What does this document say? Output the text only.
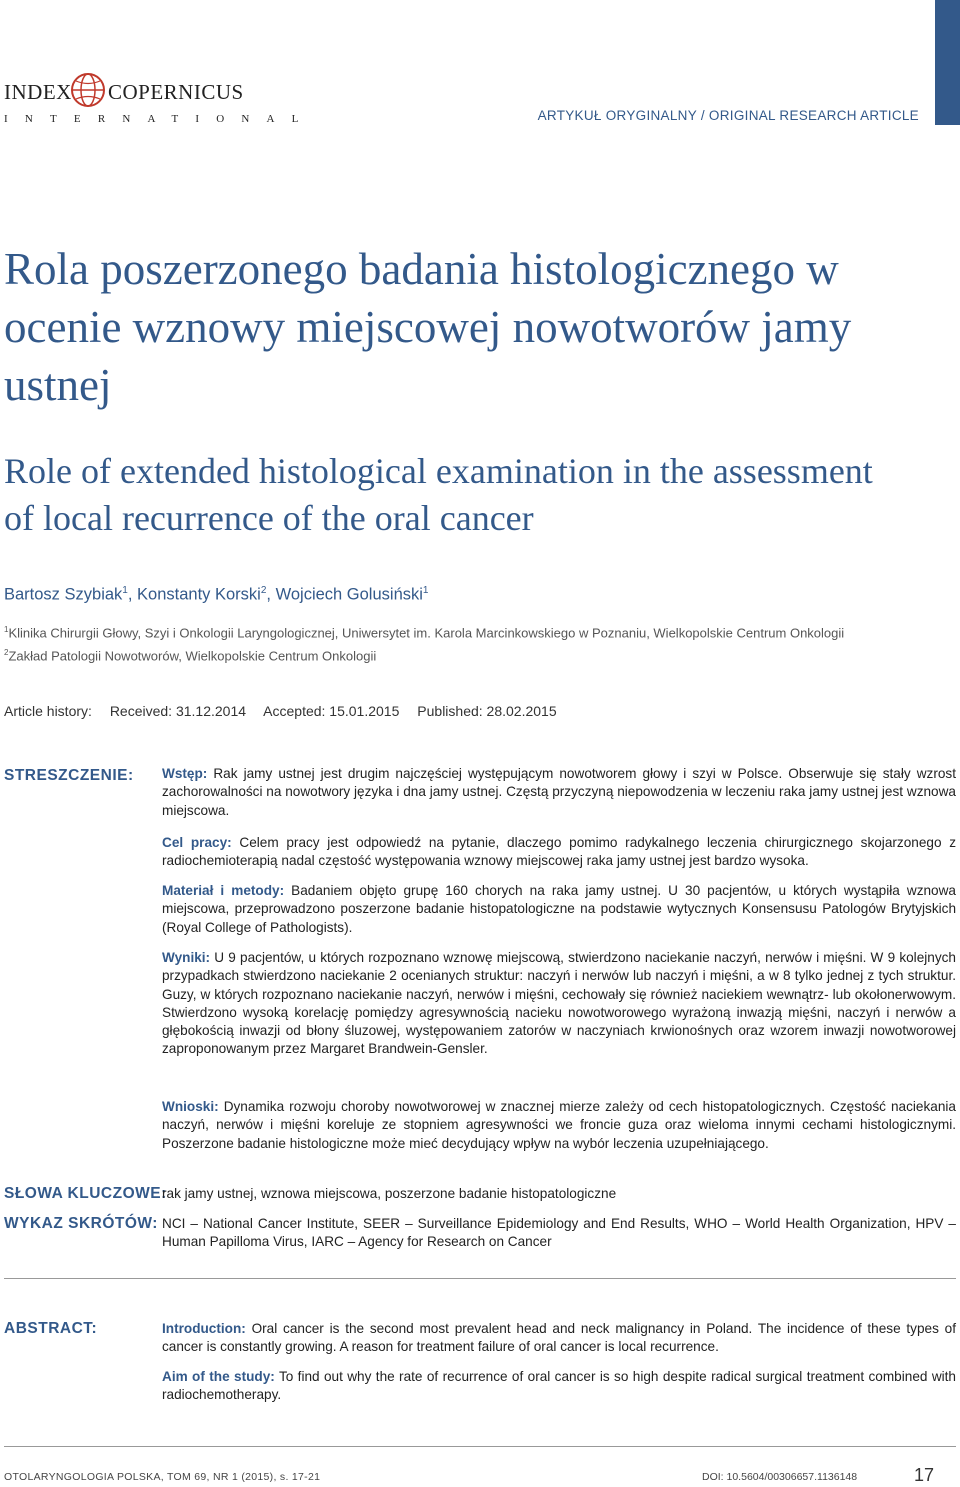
INDEX COPERNICUS
INTERNATIONAL	ARTYKUŁ ORYGINALNY / ORIGINAL RESEARCH ARTICLE
Rola poszerzonego badania histologicznego w ocenie wznowy miejscowej nowotworów jamy ustnej
Role of extended histological examination in the assessment of local recurrence of the oral cancer
Bartosz Szybiak$^1$, Konstanty Korski$^2$, Wojciech Golusiński$^1$
$^1$Klinika Chirurgii Głowy, Szyi i Onkologii Laryngologicznej, Uniwersytet im. Karola Marcinkowskiego w Poznaniu, Wielkopolskie Centrum Onkologii
$^2$Zakład Patologii Nowotworów, Wielkopolskie Centrum Onkologii
Article history: Received: 31.12.2014 Accepted: 15.01.2015 Published: 28.02.2015
STRESZCZENIE: Wstęp: Rak jamy ustnej jest drugim najczęściej występującym nowotworem głowy i szyi w Polsce. Obserwuje się stały wzrost zachorowalności na nowotwory języka i dna jamy ustnej. Częstą przyczyną niepowodzenia w leczeniu raka jamy ustnej jest wznowa miejscowa.

Cel pracy: Celem pracy jest odpowiedź na pytanie, dlaczego pomimo radykalnego leczenia chirurgicznego skojarzonego z radiochemioterapią nadal częstość występowania wznowy miejscowej raka jamy ustnej jest bardzo wysoka.

Materiał i metody: Badaniem objęto grupę 160 chorych na raka jamy ustnej. U 30 pacjentów, u których wystąpiła wznowa miejscowa, przeprowadzono poszerzone badanie histopatologiczne na podstawie wytycznych Konsensusu Patologów Brytyjskich (Royal College of Pathologists).

Wyniki: U 9 pacjentów, u których rozpoznano wznowę miejscową, stwierdzono naciekanie naczyń, nerwów i mięśni. W 9 kolejnych przypadkach stwierdzono naciekanie 2 ocenianych struktur: naczyń i nerwów lub naczyń i mięśni, a w 8 tylko jednej z tych struktur. Guzy, w których rozpoznano naciekanie naczyń, nerwów i mięśni, cechowały się również naciekiem wewnątrz- lub okołonerwowym. Stwierdzono wysoką korelację pomiędzy agresywnością nacieku nowotworowego wyrażoną inwazją mięśni, naczyń i nerwów a głębokością inwazji od błony śluzowej, występowaniem zatorów w naczyniach krwionośnych oraz wzorem inwazji nowotworowej zaproponowanym przez Margaret Brandwein-Gensler.

Wnioski: Dynamika rozwoju choroby nowotworowej w znacznej mierze zależy od cech histopatologicznych. Częstość naciekania naczyń, nerwów i mięśni koreluje ze stopniem agresywności we froncie guza oraz wieloma innymi cechami histologicznymi. Poszerzone badanie histologiczne może mieć decydujący wpływ na wybór leczenia uzupełniającego.

SŁOWA KLUCZOWE:

rak jamy ustnej, wznowa miejscowa, poszerzone badanie histopatologiczne

WYKAZ SKRÓTÓW: NCI – National Cancer Institute, SEER – Surveillance Epidemiology and End Results, WHO – World Health Organization, HPV – Human Papilloma Virus, IARC – Agency for Research on Cancer

ABSTRACT:	Introduction: Oral cancer is the second most prevalent head and neck malignancy in Poland. The incidence of these types of cancer is constantly growing. A reason for treatment failure of oral cancer is local recurrence.

Aim of the study: To find out why the rate of recurrence of oral cancer is so high despite radical surgical treatment combined with radiochemotherapy.

OTOLARYNGOLOGIA POLSKA, TOM 69, NR 1 (2015), s. 17-21	DOI: 10.5604/00306657.1136148	17
